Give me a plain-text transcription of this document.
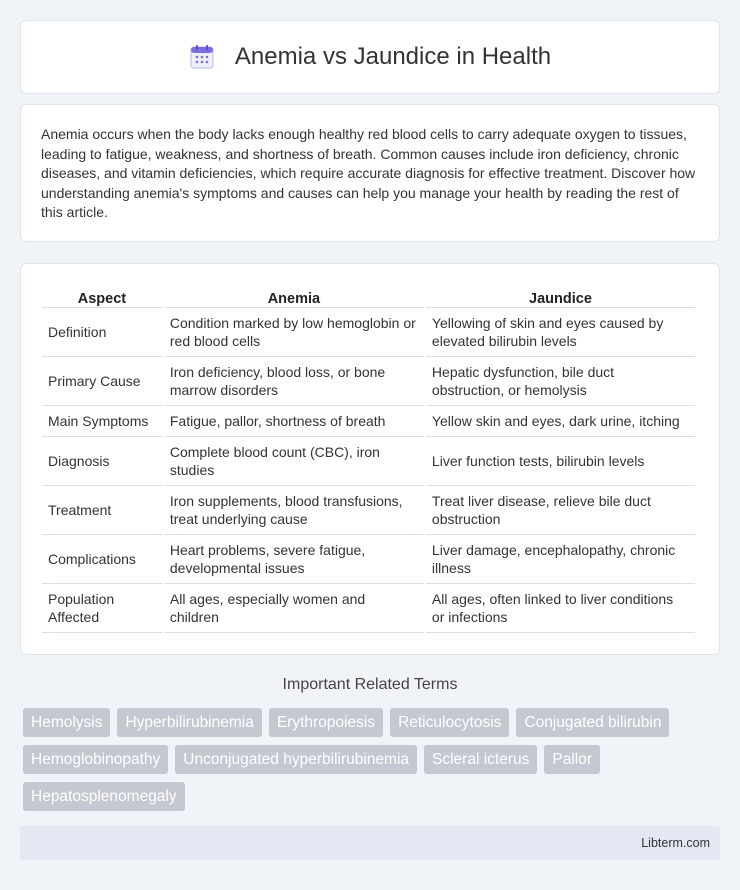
Anemia vs Jaundice in Health

Anemia occurs when the body lacks enough healthy red blood cells to carry adequate oxygen to tissues, leading to fatigue, weakness, and shortness of breath. Common causes include iron deficiency, chronic diseases, and vitamin deficiencies, which require accurate diagnosis for effective treatment. Discover how understanding anemia's symptoms and causes can help you manage your health by reading the rest of this article.

Aspect	Anemia	Jaundice
Definition	Condition marked by low hemoglobin or red blood cells	Yellowing of skin and eyes caused by elevated bilirubin levels
Primary Cause	Iron deficiency, blood loss, or bone marrow disorders	Hepatic dysfunction, bile duct obstruction, or hemolysis
Main Symptoms	Fatigue, pallor, shortness of breath	Yellow skin and eyes, dark urine, itching
Diagnosis	Complete blood count (CBC), iron studies	Liver function tests, bilirubin levels
Treatment	Iron supplements, blood transfusions, treat underlying cause	Treat liver disease, relieve bile duct obstruction
Complications	Heart problems, severe fatigue, developmental issues	Liver damage, encephalopathy, chronic illness
Population Affected	All ages, especially women and children	All ages, often linked to liver conditions or infections
Important Related Terms
Hemolysis	Hyperbilirubinemia	Erythropoiesis	Reticulocytosis	Conjugated bilirubin
Hemoglobinopathy	Unconjugated hyperbilirubinemia	Scleral icterus	Pallor
Hepatosplenomegaly
Libterm.com
